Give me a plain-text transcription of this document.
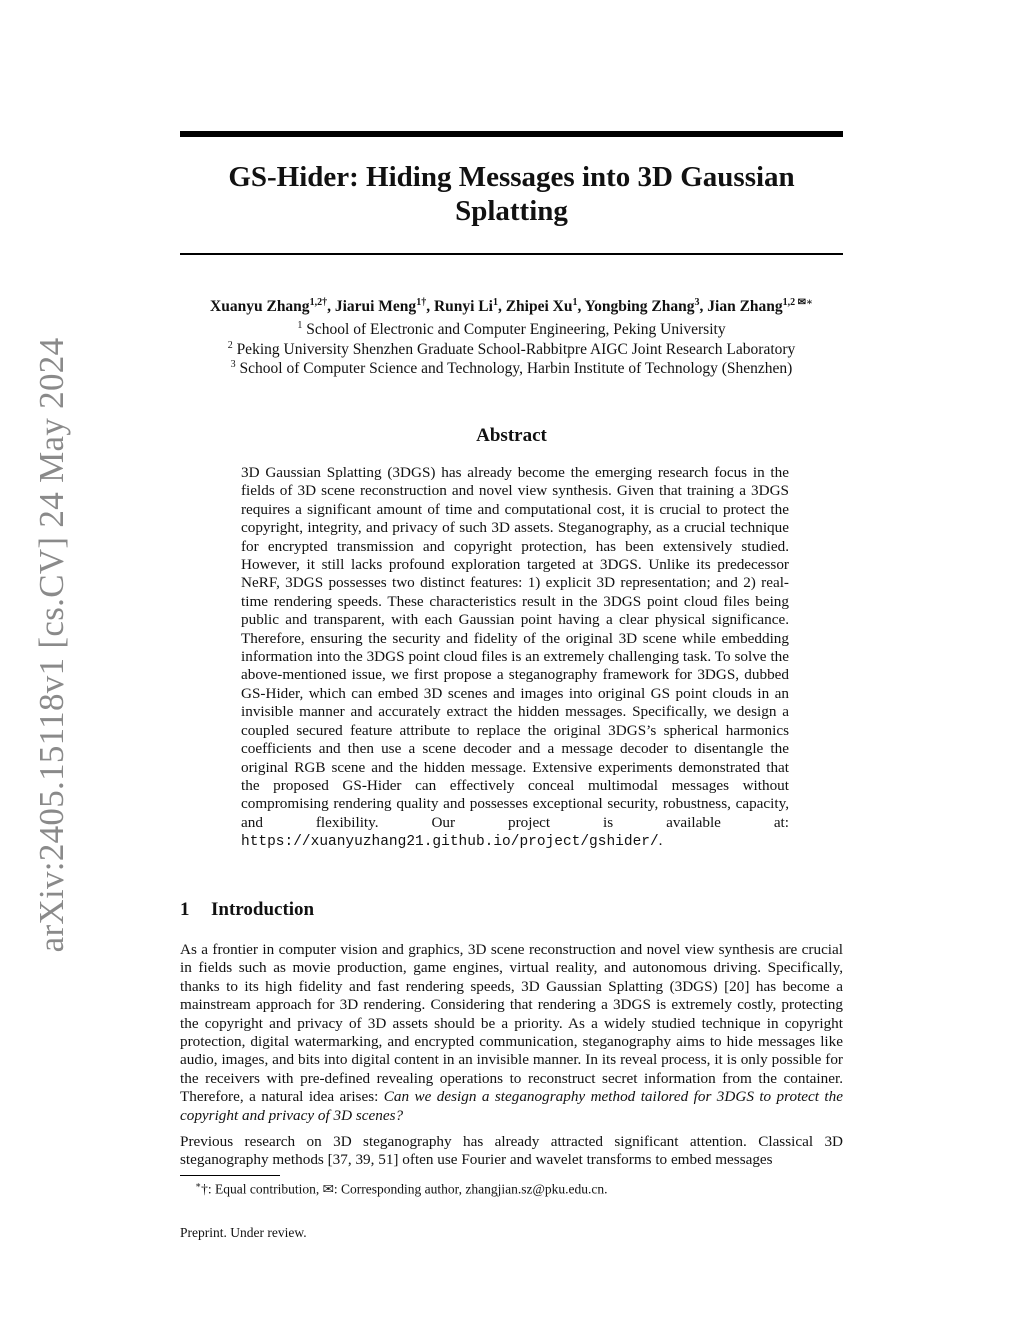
arXiv:2405.15118v1 [cs.CV] 24 May 2024
GS-Hider: Hiding Messages into 3D Gaussian Splatting
Xuanyu Zhang$^{1,2\dagger}$, Jiarui Meng$^{1\dagger}$, Runyi Li$^1$, Zhipei Xu$^1$, Yongbing Zhang$^3$, Jian Zhang$^{1,2 ✉∗}$
$^1$ School of Electronic and Computer Engineering, Peking University
$^2$ Peking University Shenzhen Graduate School-Rabbitpre AIGC Joint Research Laboratory
$^3$ School of Computer Science and Technology, Harbin Institute of Technology (Shenzhen)
Abstract
3D Gaussian Splatting (3DGS) has already become the emerging research focus in the fields of 3D scene reconstruction and novel view synthesis. Given that training a 3DGS requires a significant amount of time and computational cost, it is crucial to protect the copyright, integrity, and privacy of such 3D assets. Steganography, as a crucial technique for encrypted transmission and copyright protection, has been extensively studied. However, it still lacks profound exploration targeted at 3DGS. Unlike its predecessor NeRF, 3DGS possesses two distinct features: 1) explicit 3D representation; and 2) real-time rendering speeds. These characteristics result in the 3DGS point cloud files being public and transparent, with each Gaussian point having a clear physical significance. Therefore, ensuring the security and fidelity of the original 3D scene while embedding information into the 3DGS point cloud files is an extremely challenging task. To solve the above-mentioned issue, we first propose a steganography framework for 3DGS, dubbed GS-Hider, which can embed 3D scenes and images into original GS point clouds in an invisible manner and accurately extract the hidden messages. Specifically, we design a coupled secured feature attribute to replace the original 3DGS’s spherical harmonics coefficients and then use a scene decoder and a message decoder to disentangle the original RGB scene and the hidden message. Extensive experiments demonstrated that the proposed GS-Hider can effectively conceal multimodal messages without compromising rendering quality and possesses exceptional security, robustness, capacity, and flexibility. Our project is available at: https://xuanyuzhang21.github.io/project/gshider/.
1 Introduction

As a frontier in computer vision and graphics, 3D scene reconstruction and novel view synthesis are crucial in fields such as movie production, game engines, virtual reality, and autonomous driving. Specifically, thanks to its high fidelity and fast rendering speeds, 3D Gaussian Splatting (3DGS) [20] has become a mainstream approach for 3D rendering. Considering that rendering a 3DGS is extremely costly, protecting the copyright and privacy of 3D assets should be a priority. As a widely studied technique in copyright protection, digital watermarking, and encrypted communication, steganography aims to hide messages like audio, images, and bits into digital content in an invisible manner. In its reveal process, it is only possible for the receivers with pre-defined revealing operations to reconstruct secret information from the container. Therefore, a natural idea arises: Can we design a steganography method tailored for 3DGS to protect the copyright and privacy of 3D scenes?

Previous research on 3D steganography has already attracted significant attention. Classical 3D steganography methods [37, 39, 51] often use Fourier and wavelet transforms to embed messages

∗†: Equal contribution, ✉: Corresponding author, zhangjian.sz@pku.edu.cn.
Preprint. Under review.
